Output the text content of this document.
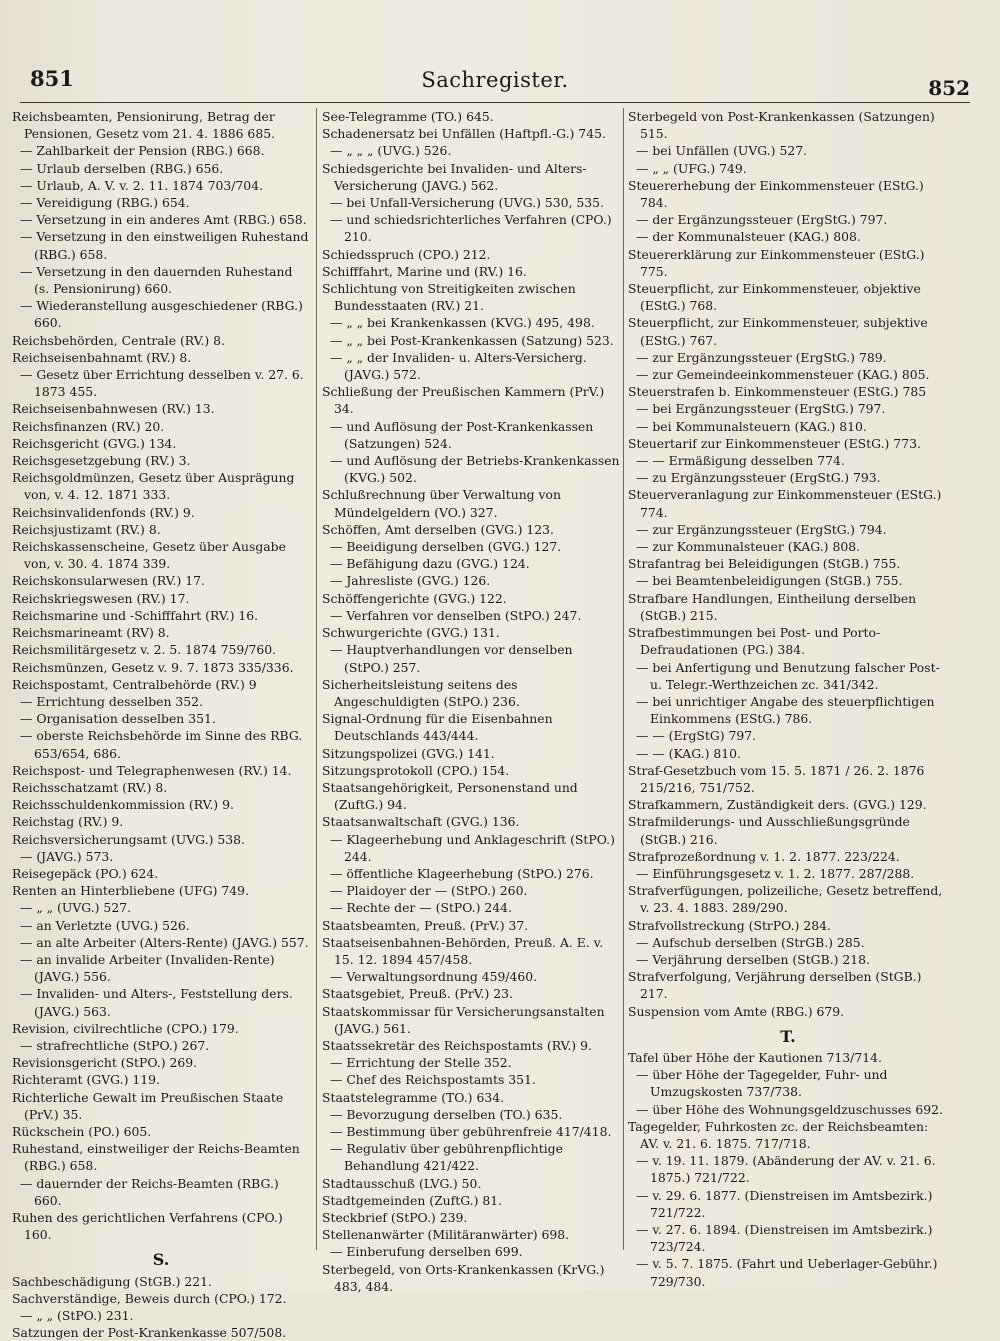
851	Sachregister.	852

Reichsbeamten, Pensionirung, Betrag der Pensionen, Gesetz vom 21. 4. 1886 685.

— Zahlbarkeit der Pension (RBG.) 668.

— Urlaub derselben (RBG.) 656.

— Urlaub, A. V. v. 2. 11. 1874 703/704.

— Vereidigung (RBG.) 654.

— Versetzung in ein anderes Amt (RBG.) 658.

— Versetzung in den einstweiligen Ruhestand (RBG.) 658.

— Versetzung in den dauernden Ruhestand (s. Pensionirung) 660.

— Wiederanstellung ausgeschiedener (RBG.) 660.

Reichsbehörden, Centrale (RV.) 8.

Reichseisenbahnamt (RV.) 8.

— Gesetz über Errichtung desselben v. 27. 6. 1873 455.

Reichseisenbahnwesen (RV.) 13.

Reichsfinanzen (RV.) 20.

Reichsgericht (GVG.) 134.

Reichsgesetzgebung (RV.) 3.

Reichsgoldmünzen, Gesetz über Ausprägung von, v. 4. 12. 1871 333.

Reichsinvalidenfonds (RV.) 9.

Reichsjustizamt (RV.) 8.

Reichskassenscheine, Gesetz über Ausgabe von, v. 30. 4. 1874 339.

Reichskonsularwesen (RV.) 17.

Reichskriegswesen (RV.) 17.

Reichsmarine und -Schifffahrt (RV.) 16.

Reichsmarineamt (RV) 8.

Reichsmilitärgesetz v. 2. 5. 1874 759/760.

Reichsmünzen, Gesetz v. 9. 7. 1873 335/336.

Reichspostamt, Centralbehörde (RV.) 9

— Errichtung desselben 352.

— Organisation desselben 351.

— oberste Reichsbehörde im Sinne des RBG. 653/654, 686.

Reichspost- und Telegraphenwesen (RV.) 14.

Reichsschatzamt (RV.) 8.

Reichsschuldenkommission (RV.) 9.

Reichstag (RV.) 9.

Reichsversicherungsamt (UVG.) 538.

— (JAVG.) 573.

Reisegepäck (PO.) 624.

Renten an Hinterbliebene (UFG) 749.

— „ „ (UVG.) 527.

— an Verletzte (UVG.) 526.

— an alte Arbeiter (Alters-Rente) (JAVG.) 557.

— an invalide Arbeiter (Invaliden-Rente) (JAVG.) 556.

— Invaliden- und Alters-, Feststellung ders. (JAVG.) 563.

Revision, civilrechtliche (CPO.) 179.

— strafrechtliche (StPO.) 267.

Revisionsgericht (StPO.) 269.

Richteramt (GVG.) 119.

Richterliche Gewalt im Preußischen Staate (PrV.) 35.

Rückschein (PO.) 605.

Ruhestand, einstweiliger der Reichs-Beamten (RBG.) 658.

— dauernder der Reichs-Beamten (RBG.) 660.

Ruhen des gerichtlichen Verfahrens (CPO.) 160.

S.

Sachbeschädigung (StGB.) 221.

Sachverständige, Beweis durch (CPO.) 172.

— „ „ (StPO.) 231.

Satzungen der Post-Krankenkasse 507/508.

See-Telegramme (TO.) 645.

Schadenersatz bei Unfällen (Haftpfl.-G.) 745.

— „ „ „ (UVG.) 526.

Schiedsgerichte bei Invaliden- und Alters-Versicherung (JAVG.) 562.

— bei Unfall-Versicherung (UVG.) 530, 535.

— und schiedsrichterliches Verfahren (CPO.) 210.

Schiedsspruch (CPO.) 212.

Schifffahrt, Marine und (RV.) 16.

Schlichtung von Streitigkeiten zwischen Bundesstaaten (RV.) 21.

— „ „ bei Krankenkassen (KVG.) 495, 498.

— „ „ bei Post-Krankenkassen (Satzung) 523.

— „ „ der Invaliden- u. Alters-Versicherg. (JAVG.) 572.

Schließung der Preußischen Kammern (PrV.) 34.

— und Auflösung der Post-Krankenkassen (Satzungen) 524.

— und Auflösung der Betriebs-Krankenkassen (KVG.) 502.

Schlußrechnung über Verwaltung von Mündelgeldern (VO.) 327.

Schöffen, Amt derselben (GVG.) 123.

— Beeidigung derselben (GVG.) 127.

— Befähigung dazu (GVG.) 124.

— Jahresliste (GVG.) 126.

Schöffengerichte (GVG.) 122.

— Verfahren vor denselben (StPO.) 247.

Schwurgerichte (GVG.) 131.

— Hauptverhandlungen vor denselben (StPO.) 257.

Sicherheitsleistung seitens des Angeschuldigten (StPO.) 236.

Signal-Ordnung für die Eisenbahnen Deutschlands 443/444.

Sitzungspolizei (GVG.) 141.

Sitzungsprotokoll (CPO.) 154.

Staatsangehörigkeit, Personenstand und (ZuftG.) 94.

Staatsanwaltschaft (GVG.) 136.

— Klageerhebung und Anklageschrift (StPO.) 244.

— öffentliche Klageerhebung (StPO.) 276.

— Plaidoyer der — (StPO.) 260.

— Rechte der — (StPO.) 244.

Staatsbeamten, Preuß. (PrV.) 37.

Staatseisenbahnen-Behörden, Preuß. A. E. v. 15. 12. 1894 457/458.

— Verwaltungsordnung 459/460.

Staatsgebiet, Preuß. (PrV.) 23.

Staatskommissar für Versicherungsanstalten (JAVG.) 561.

Staatssekretär des Reichspostamts (RV.) 9.

— Errichtung der Stelle 352.

— Chef des Reichspostamts 351.

Staatstelegramme (TO.) 634.

— Bevorzugung derselben (TO.) 635.

— Bestimmung über gebührenfreie 417/418.

— Regulativ über gebührenpflichtige Behandlung 421/422.

Stadtausschuß (LVG.) 50.

Stadtgemeinden (ZuftG.) 81.

Steckbrief (StPO.) 239.

Stellenanwärter (Militäranwärter) 698.

— Einberufung derselben 699.

Sterbegeld, von Orts-Krankenkassen (KrVG.) 483, 484.

Sterbegeld von Post-Krankenkassen (Satzungen) 515.

— bei Unfällen (UVG.) 527.

— „ „ (UFG.) 749.

Steuererhebung der Einkommensteuer (EStG.) 784.

— der Ergänzungssteuer (ErgStG.) 797.

— der Kommunalsteuer (KAG.) 808.

Steuererklärung zur Einkommensteuer (EStG.) 775.

Steuerpflicht, zur Einkommensteuer, objektive (EStG.) 768.

Steuerpflicht, zur Einkommensteuer, subjektive (EStG.) 767.

— zur Ergänzungssteuer (ErgStG.) 789.

— zur Gemeindeeinkommensteuer (KAG.) 805.

Steuerstrafen b. Einkommensteuer (EStG.) 785

— bei Ergänzungssteuer (ErgStG.) 797.

— bei Kommunalsteuern (KAG.) 810.

Steuertarif zur Einkommensteuer (EStG.) 773.

— — Ermäßigung desselben 774.

— zu Ergänzungssteuer (ErgStG.) 793.

Steuerveranlagung zur Einkommensteuer (EStG.) 774.

— zur Ergänzungssteuer (ErgStG.) 794.

— zur Kommunalsteuer (KAG.) 808.

Strafantrag bei Beleidigungen (StGB.) 755.

— bei Beamtenbeleidigungen (StGB.) 755.

Strafbare Handlungen, Eintheilung derselben (StGB.) 215.

Strafbestimmungen bei Post- und Porto-Defraudationen (PG.) 384.

— bei Anfertigung und Benutzung falscher Post- u. Telegr.-Werthzeichen zc. 341/342.

— bei unrichtiger Angabe des steuerpflichtigen Einkommens (EStG.) 786.

— — (ErgStG) 797.

— — (KAG.) 810.

Straf-Gesetzbuch vom 15. 5. 1871 / 26. 2. 1876 215/216, 751/752.

Strafkammern, Zuständigkeit ders. (GVG.) 129.

Strafmilderungs- und Ausschließungsgründe (StGB.) 216.

Strafprozeßordnung v. 1. 2. 1877. 223/224.

— Einführungsgesetz v. 1. 2. 1877. 287/288.

Strafverfügungen, polizeiliche, Gesetz betreffend, v. 23. 4. 1883. 289/290.

Strafvollstreckung (StrPO.) 284.

— Aufschub derselben (StrGB.) 285.

— Verjährung derselben (StGB.) 218.

Strafverfolgung, Verjährung derselben (StGB.) 217.

Suspension vom Amte (RBG.) 679.

T.

Tafel über Höhe der Kautionen 713/714.

— über Höhe der Tagegelder, Fuhr- und Umzugskosten 737/738.

— über Höhe des Wohnungsgeldzuschusses 692.

Tagegelder, Fuhrkosten zc. der Reichsbeamten: AV. v. 21. 6. 1875. 717/718.

— v. 19. 11. 1879. (Abänderung der AV. v. 21. 6. 1875.) 721/722.

— v. 29. 6. 1877. (Dienstreisen im Amtsbezirk.) 721/722.

— v. 27. 6. 1894. (Dienstreisen im Amtsbezirk.) 723/724.

— v. 5. 7. 1875. (Fahrt und Ueberlager-Gebühr.) 729/730.
